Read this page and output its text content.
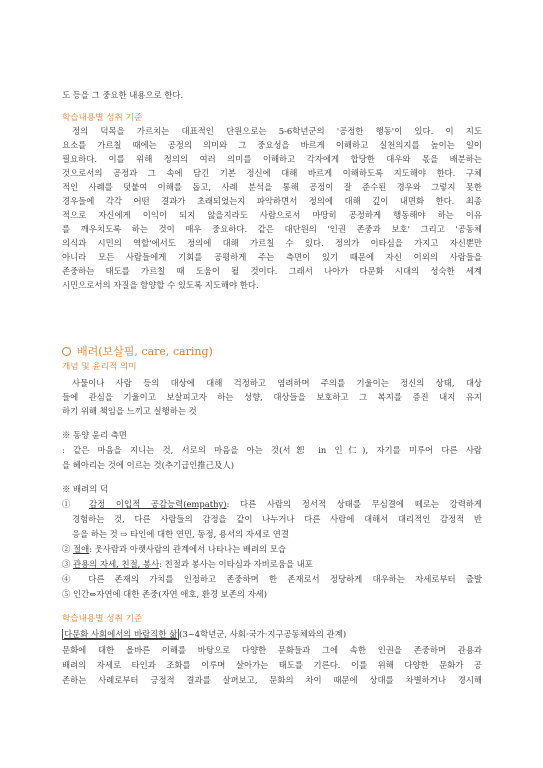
도 등을 그 중요한 내용으로 한다.
학습내용별 성취 기준
정의 덕목을 가르치는 대표적인 단원으로는 5-6학년군의 '공정한 행동'이 있다. 이 지도
요소를 가르칠 때에는 공정의 의미와 그 중요성을 바르게 이해하고 실천의지를 높이는 일이
필요하다. 이를 위해 정의의 여러 의미를 이해하고 각자에게 합당한 대우와 몫을 배분하는
것으로서의 공정과 그 속에 담긴 기본 정신에 대해 바르게 이해하도록 지도해야 한다. 구체
적인 사례를 덧붙여 이해를 돕고, 사례 분석을 통해 공정이 잘 준수된 경우와 그렇지 못한
경우들에 각각 어떤 결과가 초래되었는지 파악하면서 정의에 대해 깊이 내면화 한다. 최종
적으로 자신에게 이익이 되지 않을지라도 사람으로서 마땅히 공정하게 행동해야 하는 이유
를 깨우치도록 하는 것이 매우 중요하다. 같은 대단원의 '인권 존중과 보호' 그리고 '공동체
의식과 시민의 역할'에서도 정의에 대해 가르칠 수 있다. 정의가 이타심을 가지고 자신뿐만
아니라 모든 사람들에게 기회를 공평하게 주는 측면이 있기 때문에 자신 이외의 사람들을
존중하는 태도를 가르칠 때 도움이 될 것이다. 그래서 나아가 다문화 시대의 성숙한 세계
시민으로서의 자질을 함양할 수 있도록 지도해야 한다.
배려(보살핌, care, caring)
개념 및 윤리적 의미
사물이나 사람 등의 대상에 대해 걱정하고 염려하며 주의를 기울이는 정신의 상태, 대상
들에 관심을 기울이고 보살피고자 하는 성향, 대상들을 보호하고 그 복지를 증진 내지 유지
하기 위해 책임을 느끼고 실행하는 것
※ 동양 윤리 측면
: 같은 마음을 지니는 것, 서로의 마음을 아는 것(서恕 in 인仁), 자기를 미루어 다른 사람
을 헤아리는 것에 이르는 것(추기급인推己及人)
※ 배려의 덕
① 감정 이입적 공감능력(empathy): 다른 사람의 정서적 상태를 무심결에 떼로는 강력하게
경험하는 것, 다른 사람들의 감정을 같이 나누거나 다른 사람에 대해서 대리적인 감정적 반
응을 하는 것 ⇨ 타인에 대한 연민, 동정, 용서의 자세로 연결
② 절애: 웃사람과 아랫사람의 관계에서 나타나는 배려의 모습
③ 관용의 자세, 친절, 봉사: 친절과 봉사는 이타심과 자비로움을 내포
④ 다른 존재의 가치를 인정하고 존중하며 한 존재로서 정당하게 대우하는 자세로부터 출발
⑤ 인간⇔자연에 대한 존중(자연 애호, 환경 보존의 자세)
학습내용별 성취 기준
다문화 사회에서의 바람직한 삶 (3~4학년군, 사회·국가·지구공동체와의 관계)
문화에 대한 올바른 이해를 바탕으로 다양한 문화들과 그에 속한 인권을 존중하며 관용과
배려의 자세로 타인과 조화를 이루며 살아가는 태도를 기른다. 이를 위해 다양한 문화가 공
존하는 사례로부터 긍정적 결과를 살펴보고, 문화의 차이 때문에 상대를 차별하거나 경시해
